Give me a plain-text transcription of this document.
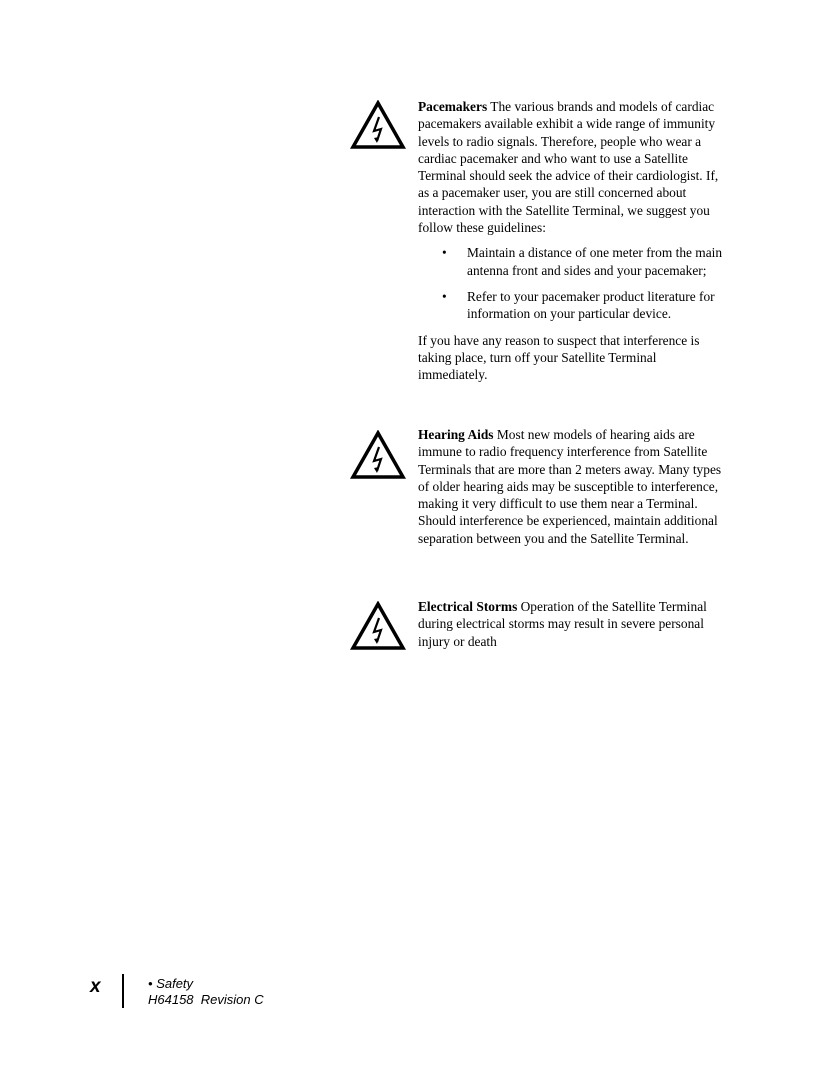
Pacemakers The various brands and models of cardiac pacemakers available exhibit a wide range of immunity levels to radio signals. Therefore, people who wear a cardiac pacemaker and who want to use a Satellite Terminal should seek the advice of their cardiologist. If, as a pacemaker user, you are still concerned about interaction with the Satellite Terminal, we suggest you follow these guidelines:

• Maintain a distance of one meter from the main antenna front and sides and your pacemaker;
• Refer to your pacemaker product literature for information on your particular device.

If you have any reason to suspect that interference is taking place, turn off your Satellite Terminal immediately.

Hearing Aids Most new models of hearing aids are immune to radio frequency interference from Satellite Terminals that are more than 2 meters away. Many types of older hearing aids may be susceptible to interference, making it very difficult to use them near a Terminal. Should interference be experienced, maintain additional separation between you and the Satellite Terminal.

Electrical Storms Operation of the Satellite Terminal during electrical storms may result in severe personal injury or death

x	• Safety
H64158  Revision C
